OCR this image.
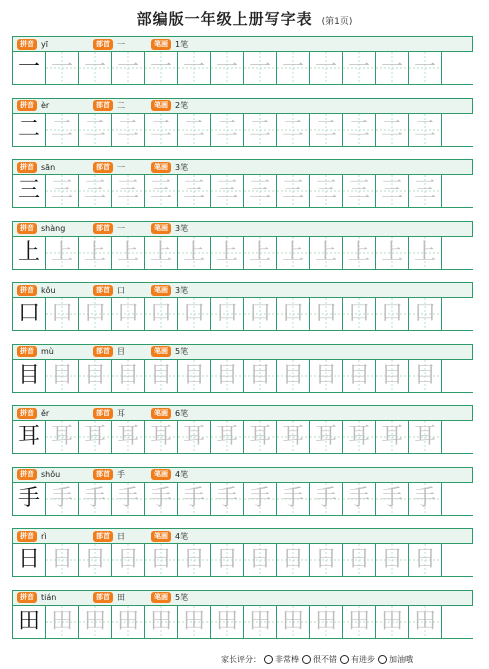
部编版一年级上册写字表 (第1页)
拼音 yī	部首 一	笔画 1笔
一 一 一 一 一 一 一 一 一 一 一 一 一
拼音 èr	部首 二	笔画 2笔
二 二 二 二 二 二 二 二 二 二 二 二 二
拼音 sān	部首 一	笔画 3笔
三 三 三 三 三 三 三 三 三 三 三 三 三
拼音 shàng	部首 一	笔画 3笔
上 上 上 上 上 上 上 上 上 上 上 上 上
拼音 kǒu	部首 口	笔画 3笔
口 口 口 口 口 口 口 口 口 口 口 口 口
拼音 mù	部首 目	笔画 5笔
目 目 目 目 目 目 目 目 目 目 目 目 目
拼音 ěr	部首 耳	笔画 6笔
耳 耳 耳 耳 耳 耳 耳 耳 耳 耳 耳 耳 耳
拼音 shǒu	部首 手	笔画 4笔
手 手 手 手 手 手 手 手 手 手 手 手 手
拼音 rì	部首 日	笔画 4笔
日 日 日 日 日 日 日 日 日 日 日 日 日
拼音 tián	部首 田	笔画 5笔
田 田 田 田 田 田 田 田 田 田 田 田 田
家长评分： 非常棒 很不错 有进步 加油哦
